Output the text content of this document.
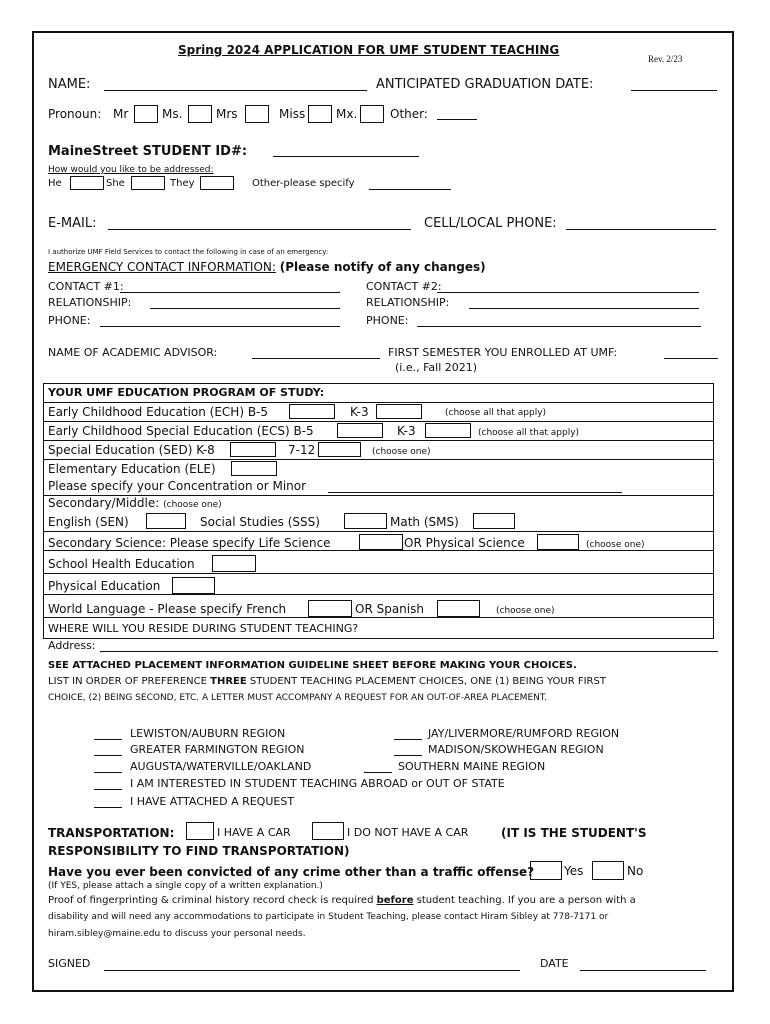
Spring 2024 APPLICATION FOR UMF STUDENT TEACHING
Rev. 2/23
NAME:	ANTICIPATED GRADUATION DATE:
Pronoun: Mr	Ms.	Mrs	Miss	Mx.	Other:
MaineStreet STUDENT ID#:
How would you like to be addressed:
He	She	They	Other-please specify
E-MAIL:	CELL/LOCAL PHONE:
I authorize UMF Field Services to contact the following in case of an emergency:
EMERGENCY CONTACT INFORMATION: (Please notify of any changes)
CONTACT #1:	CONTACT #2:
RELATIONSHIP:	RELATIONSHIP:
PHONE:	PHONE:
NAME OF ACADEMIC ADVISOR:	FIRST SEMESTER YOU ENROLLED AT UMF:
(i.e., Fall 2021)
YOUR UMF EDUCATION PROGRAM OF STUDY:
Early Childhood Education (ECH) B-5	K-3	(choose all that apply)
Early Childhood Special Education (ECS) B-5	K-3	(choose all that apply)
Special Education (SED) K-8	7-12	(choose one)
Elementary Education (ELE)
Please specify your Concentration or Minor
Secondary/Middle: (choose one)
English (SEN)	Social Studies (SSS)	Math (SMS)
Secondary Science: Please specify Life Science	OR Physical Science	(choose one)
School Health Education
Physical Education
World Language - Please specify French	OR Spanish	(choose one)
WHERE WILL YOU RESIDE DURING STUDENT TEACHING?
Address:
SEE ATTACHED PLACEMENT INFORMATION GUIDELINE SHEET BEFORE MAKING YOUR CHOICES.
LIST IN ORDER OF PREFERENCE THREE STUDENT TEACHING PLACEMENT CHOICES, ONE (1) BEING YOUR FIRST
CHOICE, (2) BEING SECOND, ETC. A LETTER MUST ACCOMPANY A REQUEST FOR AN OUT-OF-AREA PLACEMENT.
LEWISTON/AUBURN REGION
GREATER FARMINGTON REGION
AUGUSTA/WATERVILLE/OAKLAND
JAY/LIVERMORE/RUMFORD REGION
MADISON/SKOWHEGAN REGION
SOUTHERN MAINE REGION
I AM INTERESTED IN STUDENT TEACHING ABROAD or OUT OF STATE
I HAVE ATTACHED A REQUEST
TRANSPORTATION:	I HAVE A CAR	I DO NOT HAVE A CAR	(IT IS THE STUDENT'S
RESPONSIBILITY TO FIND TRANSPORTATION)
Have you ever been convicted of any crime other than a traffic offense? Yes	No
(If YES, please attach a single copy of a written explanation.)
Proof of fingerprinting & criminal history record check is required before student teaching. If you are a person with a
disability and will need any accommodations to participate in Student Teaching, please contact Hiram Sibley at 778-7171 or
hiram.sibley@maine.edu to discuss your personal needs.
SIGNED	DATE
